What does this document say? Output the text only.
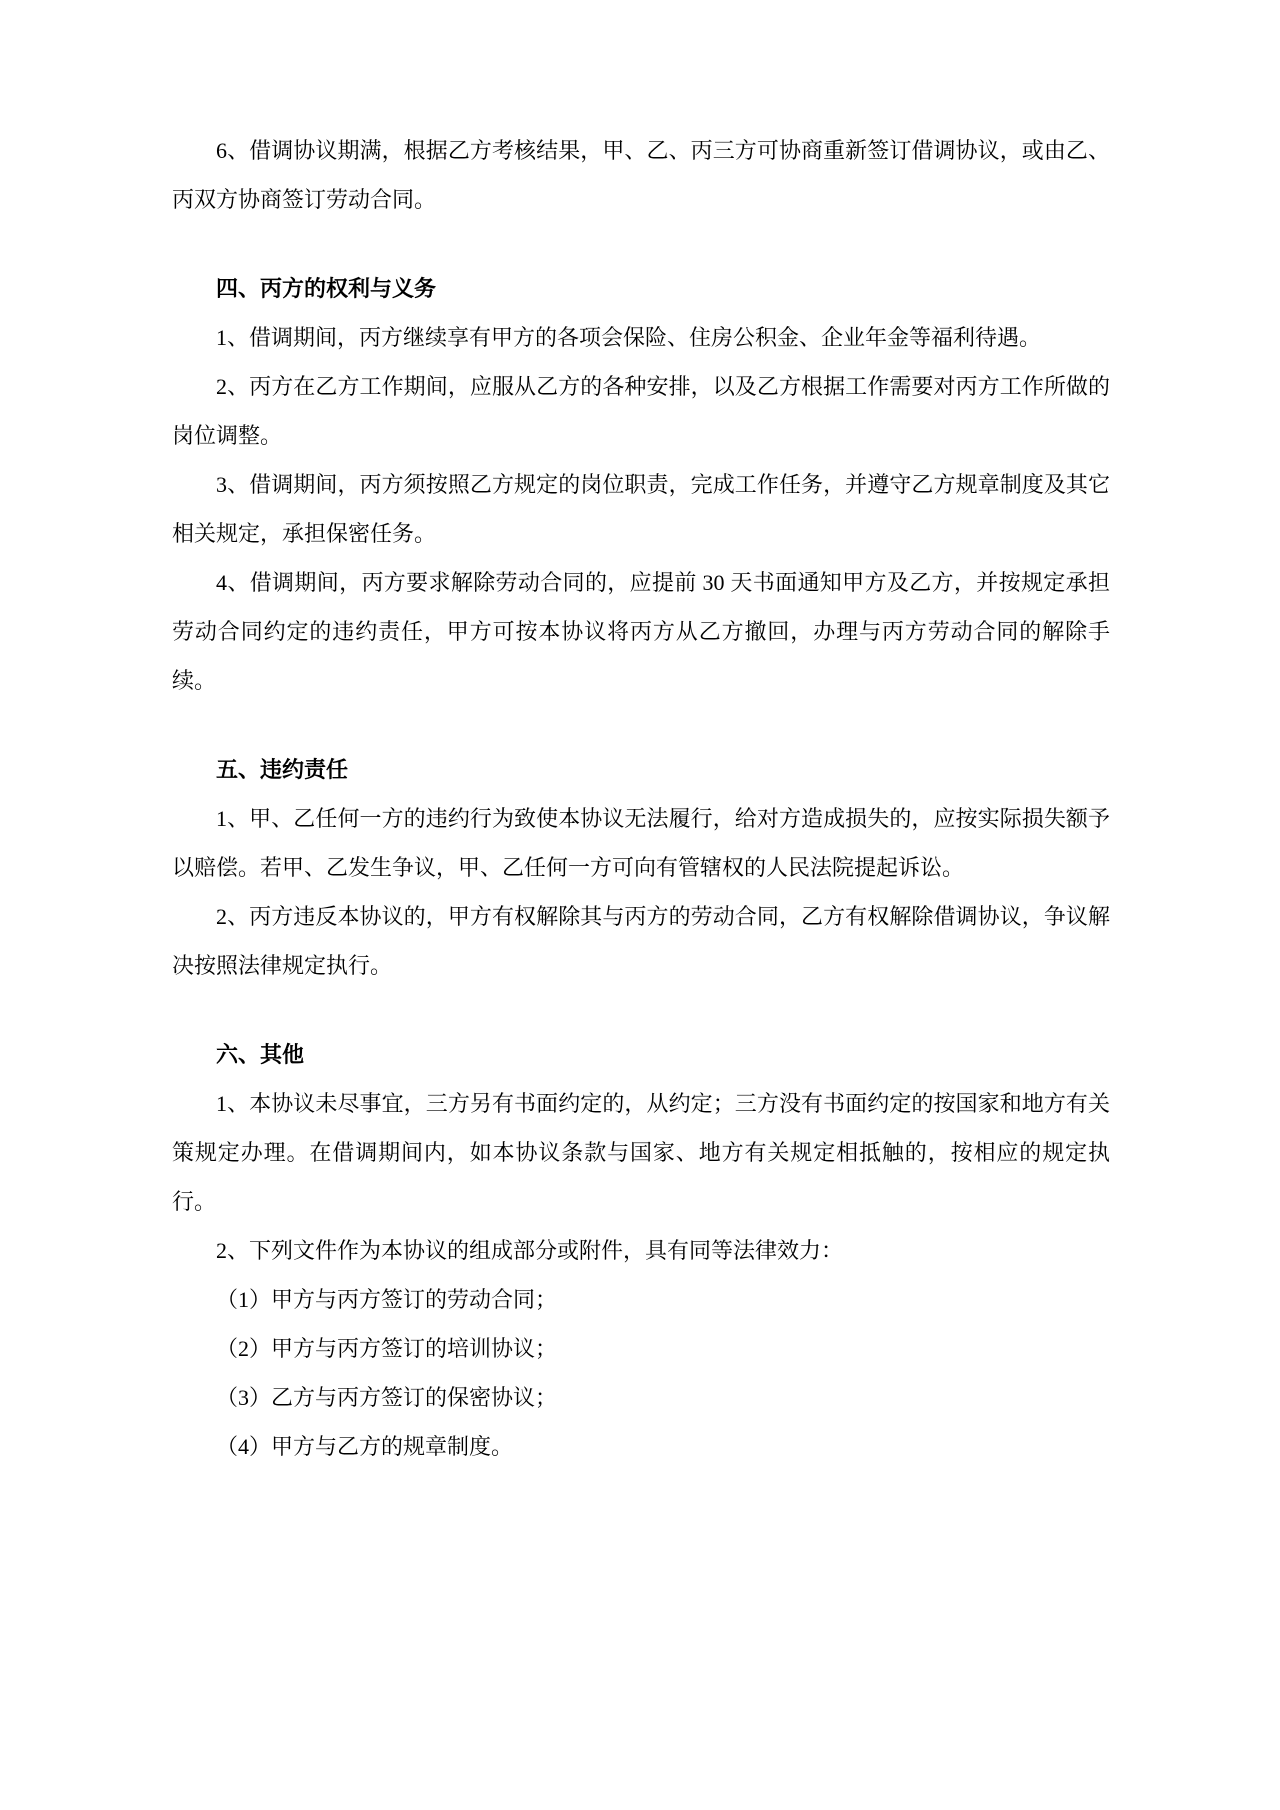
6、借调协议期满，根据乙方考核结果，甲、乙、丙三方可协商重新签订借调协议，或由乙、丙双方协商签订劳动合同。

四、丙方的权利与义务

1、借调期间，丙方继续享有甲方的各项会保险、住房公积金、企业年金等福利待遇。

2、丙方在乙方工作期间，应服从乙方的各种安排，以及乙方根据工作需要对丙方工作所做的岗位调整。

3、借调期间，丙方须按照乙方规定的岗位职责，完成工作任务，并遵守乙方规章制度及其它相关规定，承担保密任务。

4、借调期间，丙方要求解除劳动合同的，应提前 30 天书面通知甲方及乙方，并按规定承担劳动合同约定的违约责任，甲方可按本协议将丙方从乙方撤回，办理与丙方劳动合同的解除手续。

五、违约责任

1、甲、乙任何一方的违约行为致使本协议无法履行，给对方造成损失的，应按实际损失额予以赔偿。若甲、乙发生争议，甲、乙任何一方可向有管辖权的人民法院提起诉讼。

2、丙方违反本协议的，甲方有权解除其与丙方的劳动合同，乙方有权解除借调协议，争议解决按照法律规定执行。

六、其他

1、本协议未尽事宜，三方另有书面约定的，从约定；三方没有书面约定的按国家和地方有关策规定办理。在借调期间内，如本协议条款与国家、地方有关规定相抵触的，按相应的规定执行。

2、下列文件作为本协议的组成部分或附件，具有同等法律效力：

（1）甲方与丙方签订的劳动合同；

（2）甲方与丙方签订的培训协议；

（3）乙方与丙方签订的保密协议；

（4）甲方与乙方的规章制度。
